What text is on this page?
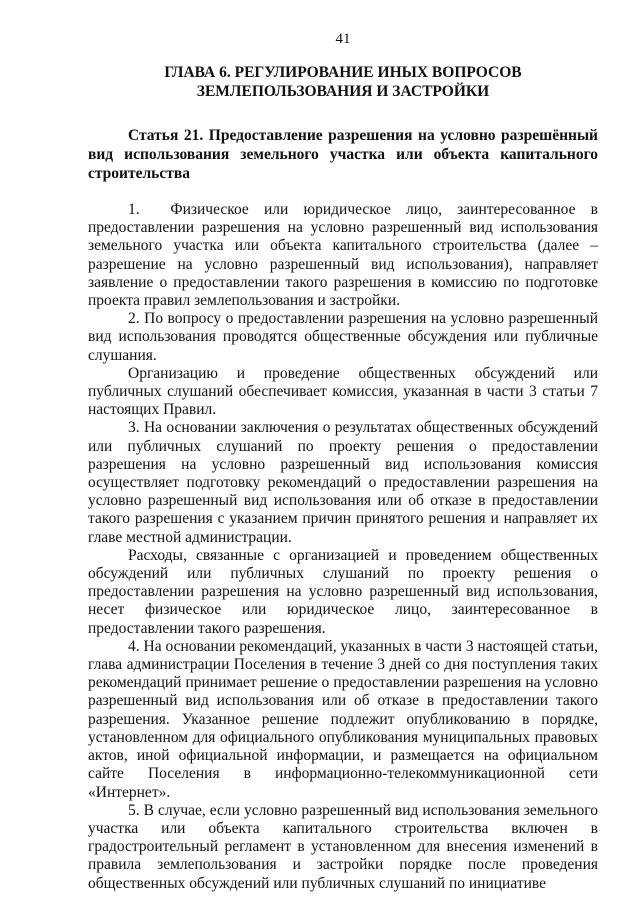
41
ГЛАВА 6. РЕГУЛИРОВАНИЕ ИНЫХ ВОПРОСОВ
ЗЕМЛЕПОЛЬЗОВАНИЯ И ЗАСТРОЙКИ

Статья 21. Предоставление разрешения на условно разрешённый вид использования земельного участка или объекта капитального строительства

1.  Физическое или юридическое лицо, заинтересованное в предоставлении разрешения на условно разрешенный вид использования земельного участка или объекта капитального строительства (далее – разрешение на условно разрешенный вид использования), направляет заявление о предоставлении такого разрешения в комиссию по подготовке проекта правил землепользования и застройки.

2. По вопросу о предоставлении разрешения на условно разрешенный вид использования проводятся общественные обсуждения или публичные слушания.

Организацию и проведение общественных обсуждений или публичных слушаний обеспечивает комиссия, указанная в части 3 статьи 7 настоящих Правил.

3. На основании заключения о результатах общественных обсуждений или публичных слушаний по проекту решения о предоставлении разрешения на условно разрешенный вид использования комиссия осуществляет подготовку рекомендаций о предоставлении разрешения на условно разрешенный вид использования или об отказе в предоставлении такого разрешения с указанием причин принятого решения и направляет их главе местной администрации.

Расходы, связанные с организацией и проведением общественных обсуждений или публичных слушаний по проекту решения о предоставлении разрешения на условно разрешенный вид использования, несет физическое или юридическое лицо, заинтересованное в предоставлении такого разрешения.

4. На основании рекомендаций, указанных в части 3 настоящей статьи, глава администрации Поселения в течение 3 дней со дня поступления таких рекомендаций принимает решение о предоставлении разрешения на условно разрешенный вид использования или об отказе в предоставлении такого разрешения. Указанное решение подлежит опубликованию в порядке, установленном для официального опубликования муниципальных правовых актов, иной официальной информации, и размещается на официальном сайте Поселения в информационно-телекоммуникационной сети «Интернет».

5. В случае, если условно разрешенный вид использования земельного участка или объекта капитального строительства включен в градостроительный регламент в установленном для внесения изменений в правила землепользования и застройки порядке после проведения общественных обсуждений или публичных слушаний по инициативе
